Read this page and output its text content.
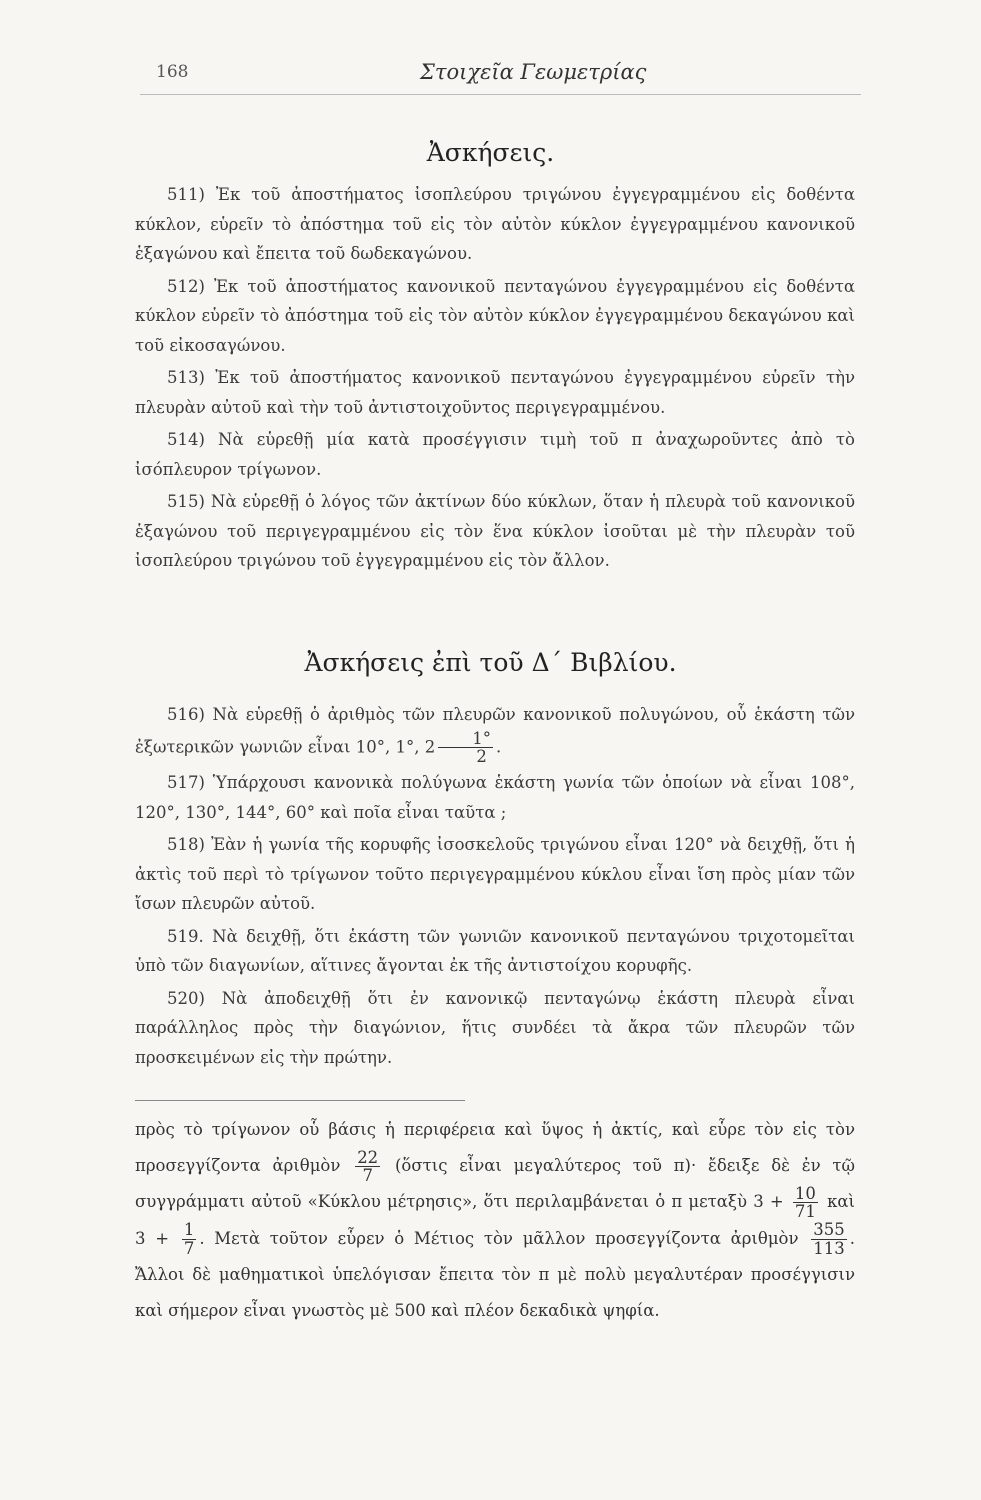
168	Στοιχεῖα Γεωμετρίας
Ἀσκήσεις.

511) Ἐκ τοῦ ἀποστήματος ἰσοπλεύρου τριγώνου ἐγγεγραμμένου εἰς δοθέντα κύκλον, εὑρεῖν τὸ ἀπόστημα τοῦ εἰς τὸν αὐτὸν κύκλον ἐγγεγραμμένου κανονικοῦ ἑξαγώνου καὶ ἔπειτα τοῦ δωδεκαγώνου.

512) Ἐκ τοῦ ἀποστήματος κανονικοῦ πενταγώνου ἐγγεγραμμένου εἰς δοθέντα κύκλον εὑρεῖν τὸ ἀπόστημα τοῦ εἰς τὸν αὐτὸν κύκλον ἐγγεγραμμένου δεκαγώνου καὶ τοῦ εἰκοσαγώνου.

513) Ἐκ τοῦ ἀποστήματος κανονικοῦ πενταγώνου ἐγγεγραμμένου εὑρεῖν τὴν πλευρὰν αὐτοῦ καὶ τὴν τοῦ ἀντιστοιχοῦντος περιγεγραμμένου.

514) Νὰ εὑρεθῇ μία κατὰ προσέγγισιν τιμὴ τοῦ π ἀναχωροῦντες ἀπὸ τὸ ἰσόπλευρον τρίγωνον.

515) Νὰ εὑρεθῇ ὁ λόγος τῶν ἀκτίνων δύο κύκλων, ὅταν ἡ πλευρὰ τοῦ κανονικοῦ ἑξαγώνου τοῦ περιγεγραμμένου εἰς τὸν ἕνα κύκλον ἰσοῦται μὲ τὴν πλευρὰν τοῦ ἰσοπλεύρου τριγώνου τοῦ ἐγγεγραμμένου εἰς τὸν ἄλλον.

Ἀσκήσεις ἐπὶ τοῦ Δ΄ Βιβλίου.

516) Νὰ εὑρεθῇ ὁ ἀριθμὸς τῶν πλευρῶν κανονικοῦ πολυγώνου, οὗ ἑκάστη τῶν ἐξωτερικῶν γωνιῶν εἶναι 10°, 1°, $2 \frac{1^\circ}{2}$ .

517) Ὑπάρχουσι κανονικὰ πολύγωνα ἑκάστη γωνία τῶν ὁποίων νὰ εἶναι 108°, 120°, 130°, 144°, 60° καὶ ποῖα εἶναι ταῦτα ;

518) Ἐὰν ἡ γωνία τῆς κορυφῆς ἰσοσκελοῦς τριγώνου εἶναι 120° νὰ δειχθῇ, ὅτι ἡ ἀκτὶς τοῦ περὶ τὸ τρίγωνον τοῦτο περιγεγραμμένου κύκλου εἶναι ἴση πρὸς μίαν τῶν ἴσων πλευρῶν αὐτοῦ.

519. Νὰ δειχθῇ, ὅτι ἑκάστη τῶν γωνιῶν κανονικοῦ πενταγώνου τριχοτομεῖται ὑπὸ τῶν διαγωνίων, αἵτινες ἄγονται ἐκ τῆς ἀντιστοίχου κορυφῆς.

520) Νὰ ἀποδειχθῇ ὅτι ἐν κανονικῷ πενταγώνῳ ἑκάστη πλευρὰ εἶναι παράλληλος πρὸς τὴν διαγώνιον, ἥτις συνδέει τὰ ἄκρα τῶν πλευρῶν τῶν προσκειμένων εἰς τὴν πρώτην.

πρὸς τὸ τρίγωνον οὗ βάσις ἡ περιφέρεια καὶ ὕψος ἡ ἀκτίς, καὶ εὗρε τὸν εἰς τὸν προσεγγίζοντα ἀριθμὸν $\frac{22}{7}$ (ὅστις εἶναι μεγαλύτερος τοῦ π)· ἔδειξε δὲ ἐν τῷ συγγράμματι αὐτοῦ «Κύκλου μέτρησις», ὅτι περιλαμβάνεται ὁ π μεταξὺ $3 + \frac{10}{71}$ καὶ $3 + \frac{1}{7}$ . Μετὰ τοῦτον εὗρεν ὁ Μέτιος τὸν μᾶλλον προσεγγίζοντα ἀριθμὸν $\frac{355}{113}$ . Ἄλλοι δὲ μαθηματικοὶ ὑπελόγισαν ἔπειτα τὸν π μὲ πολὺ μεγαλυτέραν προσέγγισιν καὶ σήμερον εἶναι γνωστὸς μὲ 500 καὶ πλέον δεκαδικὰ ψηφία.
